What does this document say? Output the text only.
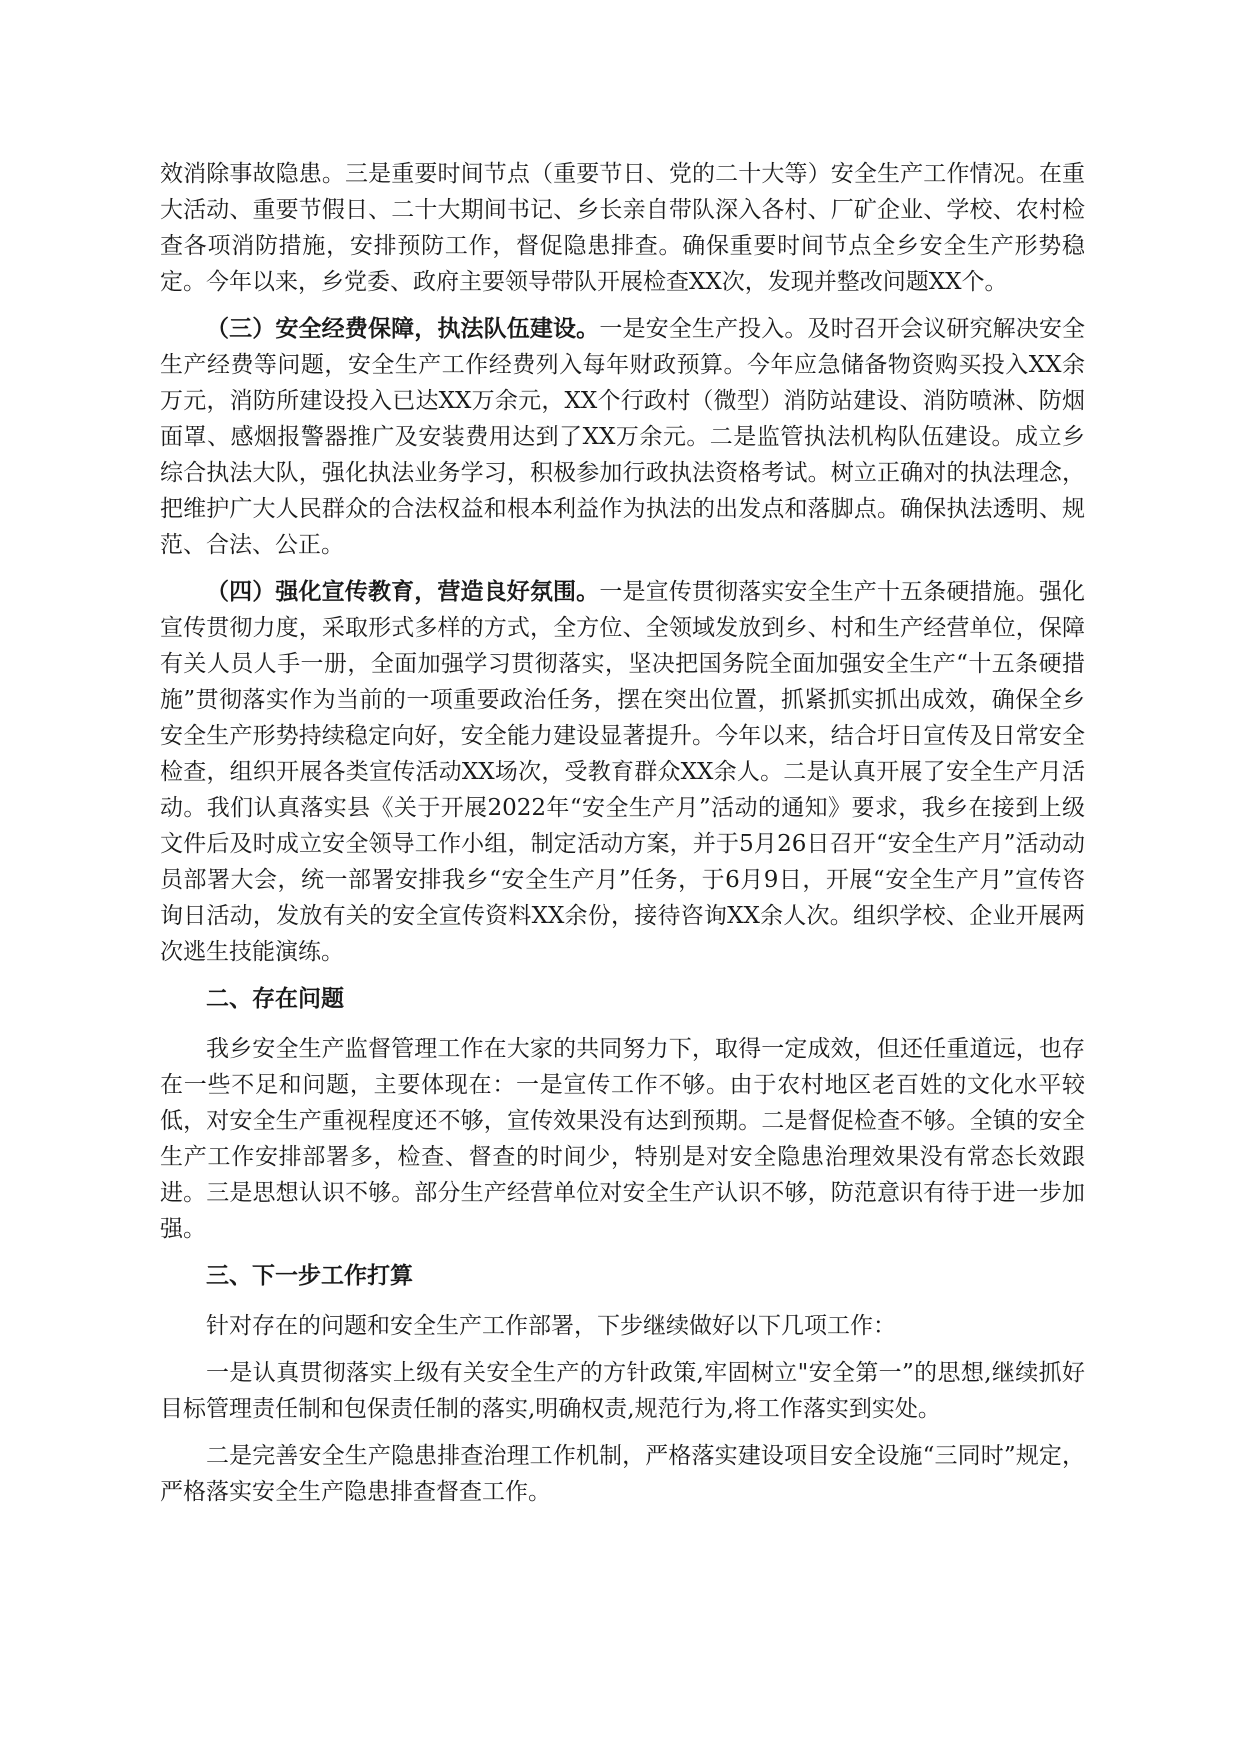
效消除事故隐患。三是重要时间节点（重要节日、党的二十大等）安全生产工作情况。在重大活动、重要节假日、二十大期间书记、乡长亲自带队深入各村、厂矿企业、学校、农村检查各项消防措施，安排预防工作，督促隐患排查。确保重要时间节点全乡安全生产形势稳定。今年以来，乡党委、政府主要领导带队开展检查XX次，发现并整改问题XX个。

（三）安全经费保障，执法队伍建设。一是安全生产投入。及时召开会议研究解决安全生产经费等问题，安全生产工作经费列入每年财政预算。今年应急储备物资购买投入XX余万元，消防所建设投入已达XX万余元，XX个行政村（微型）消防站建设、消防喷淋、防烟面罩、感烟报警器推广及安装费用达到了XX万余元。二是监管执法机构队伍建设。成立乡综合执法大队，强化执法业务学习，积极参加行政执法资格考试。树立正确对的执法理念，把维护广大人民群众的合法权益和根本利益作为执法的出发点和落脚点。确保执法透明、规范、合法、公正。

（四）强化宣传教育，营造良好氛围。一是宣传贯彻落实安全生产十五条硬措施。强化宣传贯彻力度，采取形式多样的方式，全方位、全领域发放到乡、村和生产经营单位，保障有关人员人手一册，全面加强学习贯彻落实，坚决把国务院全面加强安全生产“十五条硬措施”贯彻落实作为当前的一项重要政治任务，摆在突出位置，抓紧抓实抓出成效，确保全乡安全生产形势持续稳定向好，安全能力建设显著提升。今年以来，结合圩日宣传及日常安全检查，组织开展各类宣传活动XX场次，受教育群众XX余人。二是认真开展了安全生产月活动。我们认真落实县《关于开展2022年“安全生产月”活动的通知》要求，我乡在接到上级文件后及时成立安全领导工作小组，制定活动方案，并于5月26日召开“安全生产月”活动动员部署大会，统一部署安排我乡“安全生产月”任务，于6月9日，开展“安全生产月”宣传咨询日活动，发放有关的安全宣传资料XX余份，接待咨询XX余人次。组织学校、企业开展两次逃生技能演练。

二、存在问题

我乡安全生产监督管理工作在大家的共同努力下，取得一定成效，但还任重道远，也存在一些不足和问题，主要体现在：一是宣传工作不够。由于农村地区老百姓的文化水平较低，对安全生产重视程度还不够，宣传效果没有达到预期。二是督促检查不够。全镇的安全生产工作安排部署多，检查、督查的时间少，特别是对安全隐患治理效果没有常态长效跟进。三是思想认识不够。部分生产经营单位对安全生产认识不够，防范意识有待于进一步加强。

三、下一步工作打算

针对存在的问题和安全生产工作部署，下步继续做好以下几项工作：

一是认真贯彻落实上级有关安全生产的方针政策,牢固树立"安全第一”的思想,继续抓好目标管理责任制和包保责任制的落实,明确权责,规范行为,将工作落实到实处。

二是完善安全生产隐患排查治理工作机制，严格落实建设项目安全设施“三同时”规定，严格落实安全生产隐患排查督查工作。
